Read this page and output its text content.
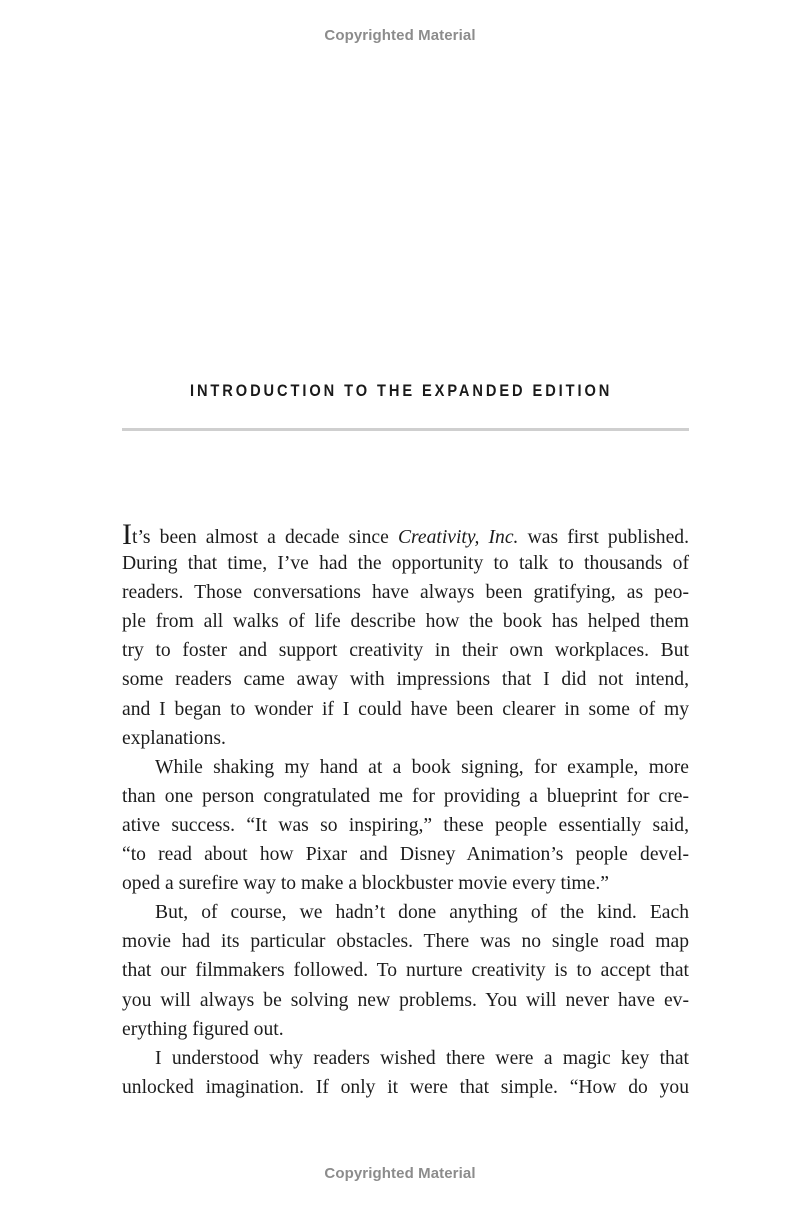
Copyrighted Material
INTRODUCTION TO THE EXPANDED EDITION
It’s been almost a decade since Creativity, Inc. was first published.
During that time, I’ve had the opportunity to talk to thousands of
readers. Those conversations have always been gratifying, as peo-
ple from all walks of life describe how the book has helped them
try to foster and support creativity in their own workplaces. But
some readers came away with impressions that I did not intend,
and I began to wonder if I could have been clearer in some of my
explanations.
While shaking my hand at a book signing, for example, more
than one person congratulated me for providing a blueprint for cre-
ative success. “It was so inspiring,” these people essentially said,
“to read about how Pixar and Disney Animation’s people devel-
oped a surefire way to make a blockbuster movie every time.”
But, of course, we hadn’t done anything of the kind. Each
movie had its particular obstacles. There was no single road map
that our filmmakers followed. To nurture creativity is to accept that
you will always be solving new problems. You will never have ev-
erything figured out.
I understood why readers wished there were a magic key that
unlocked imagination. If only it were that simple. “How do you
Copyrighted Material
